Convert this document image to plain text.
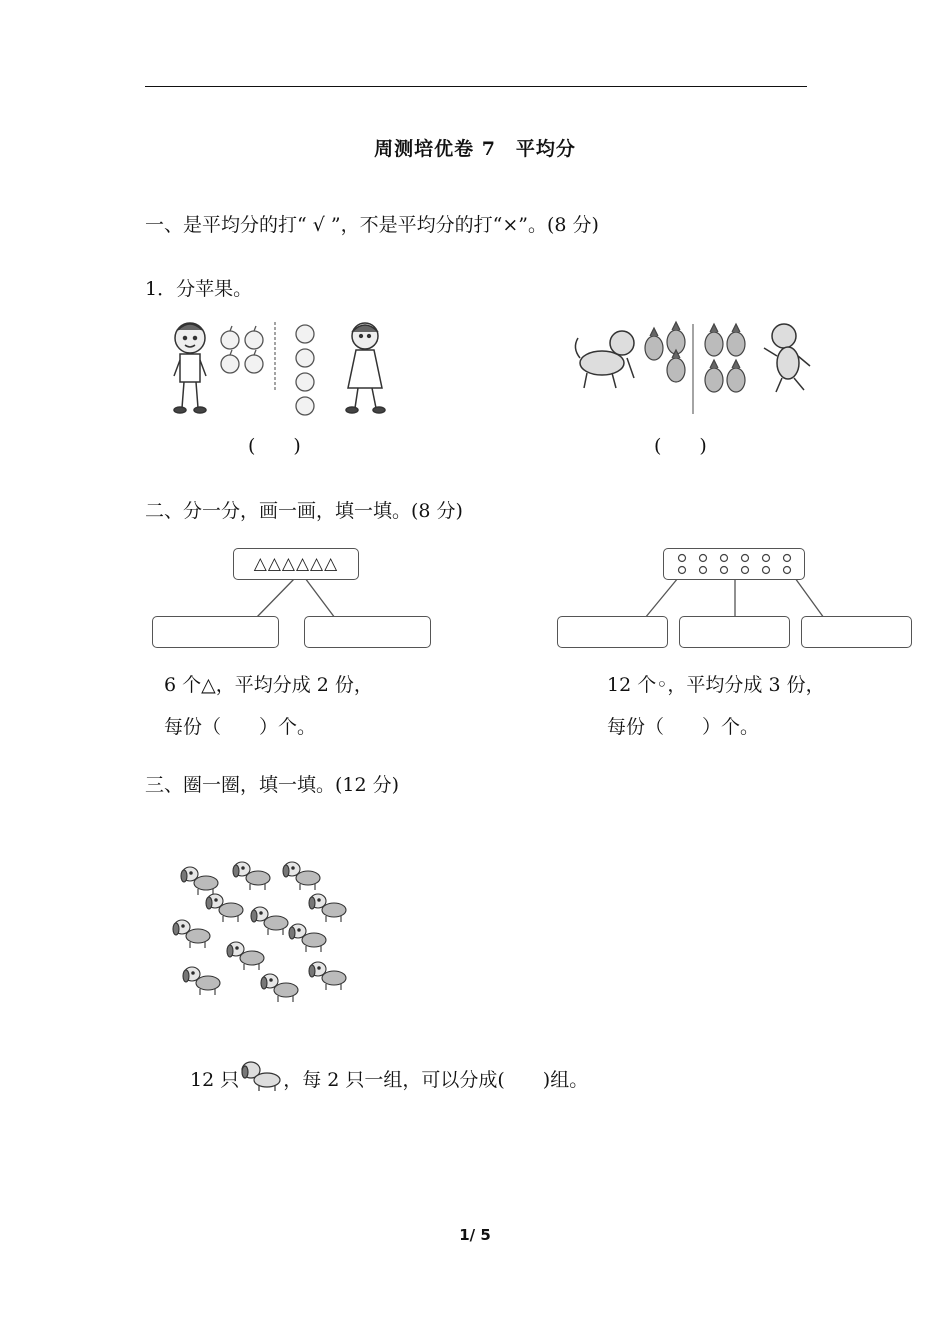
周测培优卷 7　平均分
一、是平均分的打“ √ ”，不是平均分的打“×”。(8 分)
1．分苹果。
(　　)	(　　)
二、分一分，画一画，填一填。(8 分)
△△△△△△
6 个△，平均分成 2 份，
每份（　　）个。
12 个◦，平均分成 3 份，
每份（　　）个。
三、圈一圈，填一填。(12 分)
12 只 ，每 2 只一组，可以分成(　　)组。
1/ 5
